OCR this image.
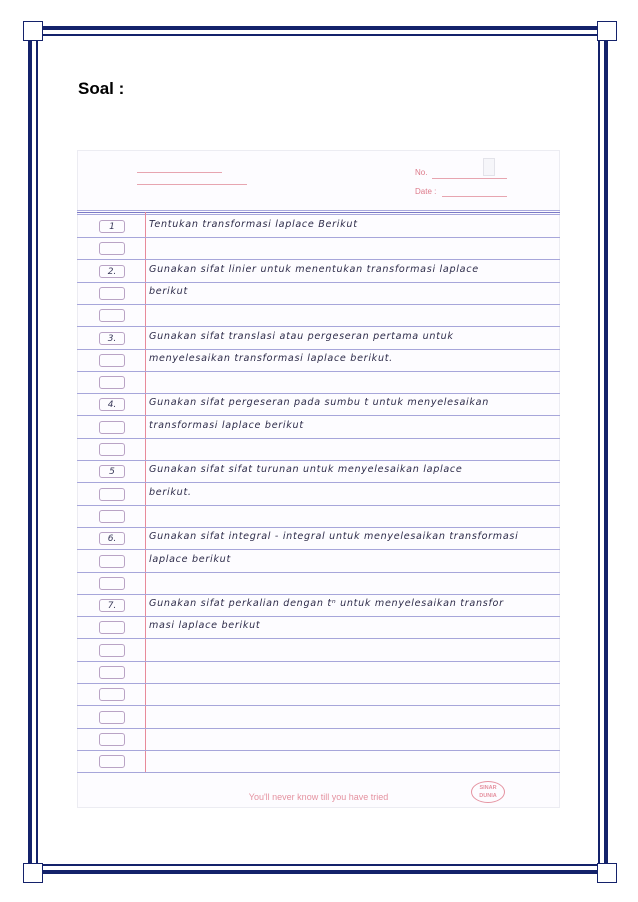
Soal :
No.
Date :
1	Tentukan transformasi laplace Berikut
2.	Gunakan sifat linier untuk menentukan transformasi laplace
berikut
3.	Gunakan sifat translasi atau pergeseran pertama untuk
menyelesaikan transformasi laplace berikut.
4.	Gunakan sifat pergeseran pada sumbu t untuk menyelesaikan
transformasi laplace berikut
5	Gunakan sifat sifat turunan untuk menyelesaikan laplace
berikut.
6.	Gunakan sifat integral - integral untuk menyelesaikan transformasi
laplace berikut
7.	Gunakan sifat perkalian dengan tⁿ untuk menyelesaikan transfor
masi laplace berikut
You'll never know till you have tried
SINAR DUNIA
